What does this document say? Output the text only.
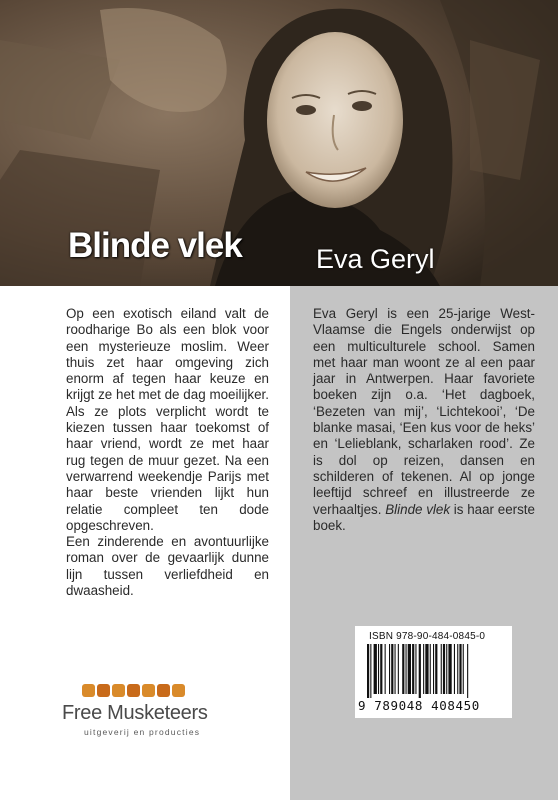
Blinde vlek	Eva Geryl

Op een exotisch eiland valt de roodharige Bo als een blok voor een mysterieuze moslim. Weer thuis zet haar omgeving zich enorm af tegen haar keuze en krijgt ze het met de dag moeilijker. Als ze plots verplicht wordt te kiezen tussen haar toekomst of haar vriend, wordt ze met haar rug tegen de muur gezet. Na een verwarrend weekendje Parijs met haar beste vrienden lijkt hun relatie compleet ten dode opgeschreven.

Een zinderende en avontuurlijke roman over de gevaarlijk dunne lijn tussen verliefdheid en dwaasheid.

Eva Geryl is een 25-jarige West-Vlaamse die Engels onderwijst op een multiculturele school. Samen met haar man woont ze al een paar jaar in Antwerpen. Haar favoriete boeken zijn o.a. ‘Het dagboek, ‘Bezeten van mij’, ‘Lichtekooi’, ‘De blanke masai, ‘Een kus voor de heks’ en ‘Lelieblank, scharlaken rood’. Ze is dol op reizen, dansen en schilderen of tekenen. Al op jonge leeftijd schreef en illustreerde ze verhaaltjes. Blinde vlek is haar eerste boek.

Free Musketeers

uitgeverij en producties

ISBN 978-90-484-0845-0

9 789048 408450
